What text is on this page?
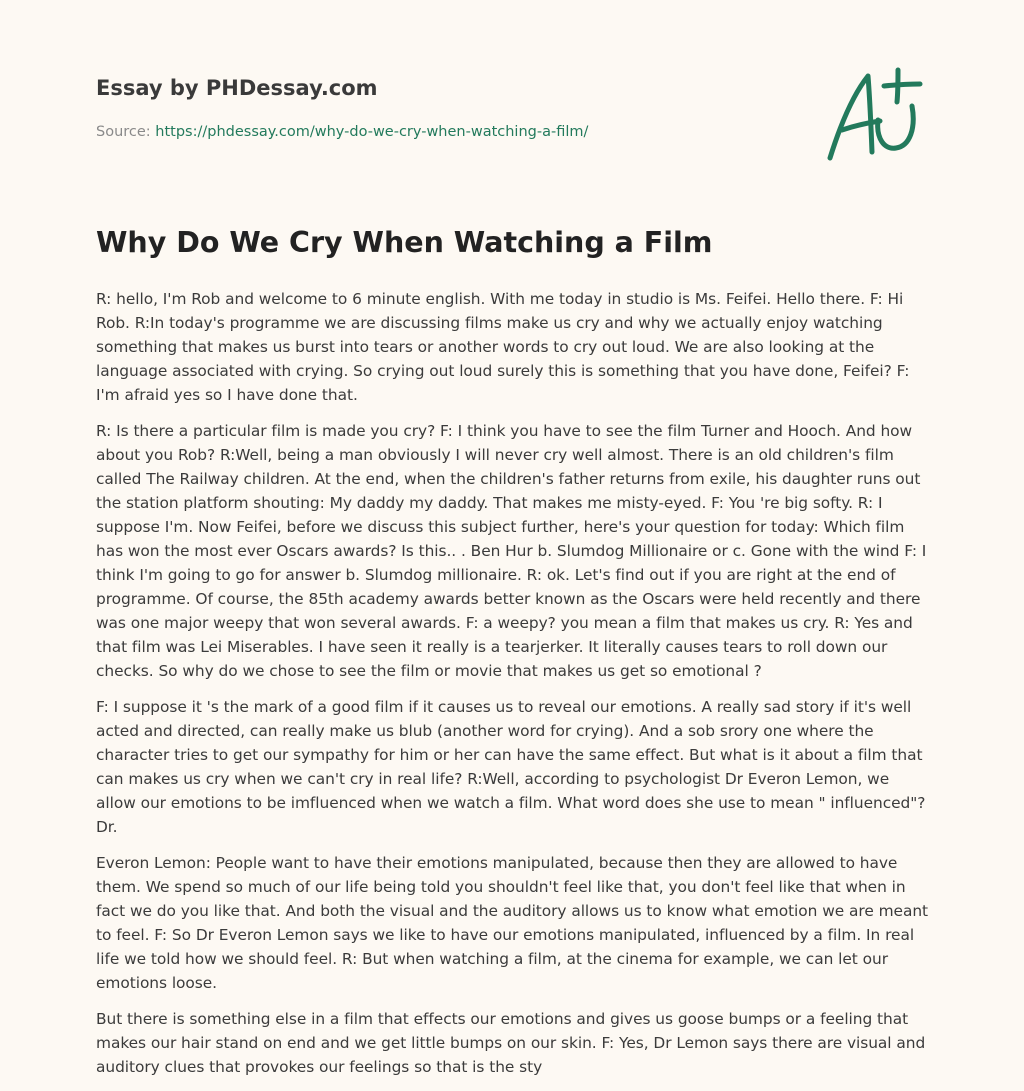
Essay by PHDessay.com
Source: https://phdessay.com/why-do-we-cry-when-watching-a-film/
Why Do We Cry When Watching a Film

R: hello, I'm Rob and welcome to 6 minute english. With me today in studio is Ms. Feifei. Hello there. F: Hi Rob. R:In today's programme we are discussing films make us cry and why we actually enjoy watching something that makes us burst into tears or another words to cry out loud. We are also looking at the language associated with crying. So crying out loud surely this is something that you have done, Feifei? F: I'm afraid yes so I have done that.

R: Is there a particular film is made you cry? F: I think you have to see the film Turner and Hooch. And how about you Rob? R:Well, being a man obviously I will never cry well almost. There is an old children's film called The Railway children. At the end, when the children's father returns from exile, his daughter runs out the station platform shouting: My daddy my daddy. That makes me misty-eyed. F: You 're big softy. R: I suppose I'm. Now Feifei, before we discuss this subject further, here's your question for today: Which film has won the most ever Oscars awards? Is this.. . Ben Hur b. Slumdog Millionaire or c. Gone with the wind F: I think I'm going to go for answer b. Slumdog millionaire. R: ok. Let's find out if you are right at the end of programme. Of course, the 85th academy awards better known as the Oscars were held recently and there was one major weepy that won several awards. F: a weepy? you mean a film that makes us cry. R: Yes and that film was Lei Miserables. I have seen it really is a tearjerker. It literally causes tears to roll down our checks. So why do we chose to see the film or movie that makes us get so emotional ?

F: I suppose it 's the mark of a good film if it causes us to reveal our emotions. A really sad story if it's well acted and directed, can really make us blub (another word for crying). And a sob srory one where the character tries to get our sympathy for him or her can have the same effect. But what is it about a film that can makes us cry when we can't cry in real life? R:Well, according to psychologist Dr Everon Lemon, we allow our emotions to be imfluenced when we watch a film. What word does she use to mean " influenced"? Dr.

Everon Lemon: People want to have their emotions manipulated, because then they are allowed to have them. We spend so much of our life being told you shouldn't feel like that, you don't feel like that when in fact we do you like that. And both the visual and the auditory allows us to know what emotion we are meant to feel. F: So Dr Everon Lemon says we like to have our emotions manipulated, influenced by a film. In real life we told how we should feel. R: But when watching a film, at the cinema for example, we can let our emotions loose.

But there is something else in a film that effects our emotions and gives us goose bumps or a feeling that makes our hair stand on end and we get little bumps on our skin. F: Yes, Dr Lemon says there are visual and auditory clues that provokes our feelings so that is the sty
